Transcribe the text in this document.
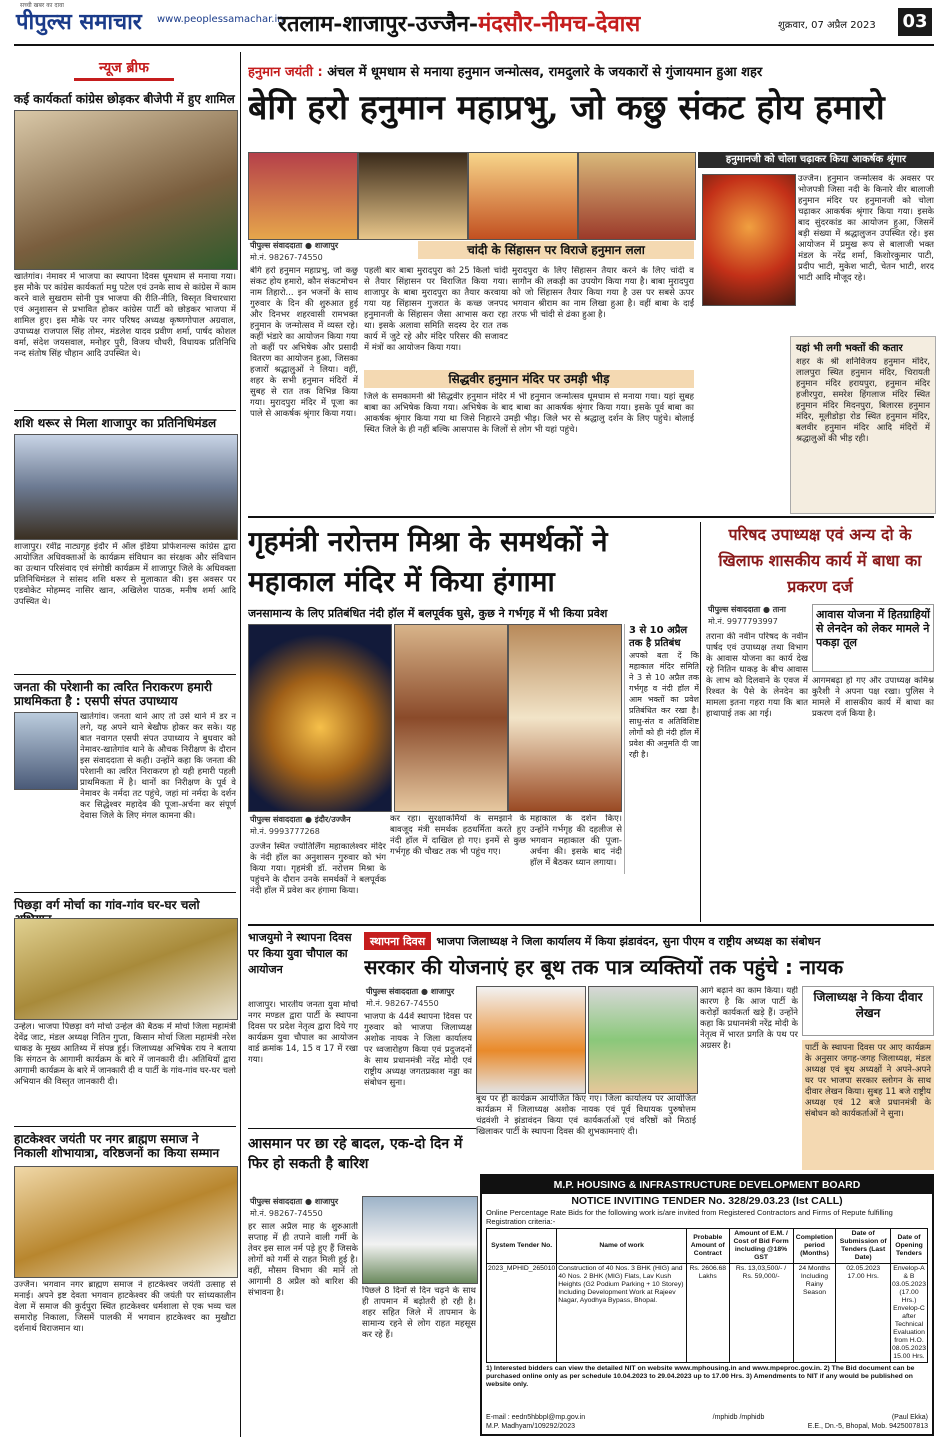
पीपुल्स समाचार
सच्ची खबर का दावा
www.peoplessamachar.in
रतलाम-शाजापुर-उज्जैन-मंदसौर-नीमच-देवास	शुक्रवार, 07 अप्रैल 2023 03
न्यूज ब्रीफ
कई कार्यकर्ता कांग्रेस छोड़कर बीजेपी में हुए शामिल
खातेगांव। नेमावर में भाजपा का स्थापना दिवस धूमधाम से मनाया गया। इस मौके पर कांग्रेस कार्यकर्ता मधु पटेल एवं उनके साथ से कांग्रेस में काम करने वाले सुखराम सोनी पुत्र भाजपा की रीति-नीति, विस्तृत विचारधारा एवं अनुशासन से प्रभावित होकर कांग्रेस पार्टी को छोड़कर भाजपा में शामिल हुए। इस मौके पर नगर परिषद अध्यक्ष कृष्णगोपाल अग्रवाल, उपाध्यक्ष राजपाल सिंह तोमर, मंडलेश यादव प्रवीण शर्मा, पार्षद कोशल वर्मा, संदेश जयसवाल, मनोहर पुरी, विजय चौधरी, विधायक प्रतिनिधि नन्द संतोष सिंह चौहान आदि उपस्थित थे।
शशि थरूर से मिला शाजापुर का प्रतिनिधिमंडल
शाजापुर। रवींद्र नाट्यगृह इंदौर में ऑल इंडिया प्रोफेशनल्स कांग्रेस द्वारा आयोजित अधिवक्ताओं के कार्यक्रम संविधान का संरक्षक और संविधान का उत्थान परिसंवाद एवं संगोष्ठी कार्यक्रम में शाजापुर जिले के अधिवक्ता प्रतिनिधिमंडल ने सांसद शशि थरूर से मुलाकात की। इस अवसर पर एडवोकेट मोहम्मद नासिर खान, अखिलेश पाठक, मनीष शर्मा आदि उपस्थित थे।
जनता की परेशानी का त्वरित निराकरण हमारी प्राथमिकता है : एसपी संपत उपाध्याय
खातेगांव। जनता थाने आए तो उसे थाने में डर न लगे, यह अपने थाने बेखौफ होकर कर सके। यह बात नवागत एसपी संपत उपाध्याय ने बुधवार को नेमावर-खातेगांव थाने के औचक निरीक्षण के दौरान इस संवाददाता से कही। उन्होंने कहा कि जनता की परेशानी का त्वरित निराकरण हो यही हमारी पहली प्राथमिकता में है। थानों का निरीक्षण के पूर्व वे नेमावर के नर्मदा तट पहुंचे, जहां मां नर्मदा के दर्शन कर सिद्धेश्वर महादेव की पूजा-अर्चना कर संपूर्ण देवास जिले के लिए मंगल कामना की।
पिछड़ा वर्ग मोर्चा का गांव-गांव घर-घर चलो
उन्हेल। भाजपा पिछड़ा वर्ग मोर्चा उन्हेल की बैठक में मोर्चा जिला महामंत्री देवेंद्र जाट, मंडल अध्यक्ष नितिन गुप्ता, किसान मोर्चा जिला महामंत्री नरेश धाकड़ के मुख्य आतिथ्य में संपन्न हुई। जिलाध्यक्ष अभिषेक राय ने बताया कि संगठन के आगामी कार्यक्रम के बारे में जानकारी दी। अतिथियों द्वारा आगामी कार्यक्रम के बारे में जानकारी दी व पार्टी के गांव-गांव घर-घर चलो अभियान की विस्तृत जानकारी दी।
हाटकेश्वर जयंती पर नगर ब्राह्मण समाज ने निकाली शोभायात्रा, वरिष्ठजनों का किया सम्मान
उज्जैन। भगवान नगर ब्राह्मण समाज ने हाटकेश्वर जयंती उत्साह से मनाई। अपने इष्ट देवता भगवान हाटकेश्वर की जयंती पर सांध्यकालीन वेला में समाज की कुर्दपुरा स्थित हाटकेश्वर धर्मशाला से एक भव्य चल समारोह निकाला, जिसमें पालकी में भगवान हाटकेश्वर का मुखौटा दर्शनार्थ विराजमान था।
हनुमान जयंती : अंचल में धूमधाम से मनाया हनुमान जन्मोत्सव, रामदुलारे के जयकारों से गुंजायमान हुआ शहर
बेगि हरो हनुमान महाप्रभु, जो कछु संकट होय हमारो
पीपुल्स संवाददाता ● शाजापुर
मो.नं. 98267-74550
चांदी के सिंहासन पर विराजे हनुमान लला
बेगि हरो हनुमान महाप्रभु, जो कछु संकट होय हमारो, कौन संकटमोचन नाम तिहारो... इन भजनों के साथ गुरुवार के दिन की शुरुआत हुई और दिनभर शहरवासी रामभक्त हनुमान के जन्मोत्सव में व्यस्त रहे। कहीं भंडारे का आयोजन किया गया तो कहीं पर अभिषेक और प्रसादी वितरण का आयोजन हुआ, जिसका हजारों श्रद्धालुओं ने लिया। वहीं, शहर के सभी हनुमान मंदिरों में सुबह से रात तक विभिन्न किया गया। मुरादपुरा मंदिर में पूजा का पाले से आकर्षक श्रृंगार किया गया।
पहली बार बाबा मुरादपुरा को 25 किलो चांदी से तैयार सिंहासन पर विराजित किया गया। शाजापुर के बाबा मुरादपुरा का तैयार करवाया गया यह सिंहासन गुजरात के कच्छ जनपद हनुमानजी के सिंहासन जैसा आभास करा रहा था। इसके अलावा समिति सदस्य देर रात तक कार्य में जुटे रहे और मंदिर परिसर की सजावट में मंत्रों का आयोजन किया गया।
मुरादपुरा के लिए सिंहासन तैयार करने के लिए चांदी व सागौन की लकड़ी का उपयोग किया गया है। बाबा मुरादपुरा को जो सिंहासन तैयार किया गया है उस पर सबसे ऊपर भगवान श्रीराम का नाम लिखा हुआ है। वहीं बाबा के दाईं तरफ भी चांदी से ढंका हुआ है।
सिद्धवीर हनुमान मंदिर पर उमड़ी भीड़
जिले के समकामनी श्री सिद्धवीर हनुमान मंदिर में भी हनुमान जन्मोत्सव धूमधाम से मनाया गया। यहां सुबह बाबा का अभिषेक किया गया। अभिषेक के बाद बाबा का आकर्षक श्रृंगार किया गया। इसके पूर्व बाबा का आकर्षक श्रृंगार किया गया था जिसे निहारने उमड़ी भीड़। जिले भर से श्रद्धालु दर्शन के लिए पहुंचे। बोलाई स्थित जिले के ही नहीं बल्कि आसपास के जिलों से लोग भी यहां पहुंचे।
हनुमानजी को चोला चढ़ाकर किया आकर्षक श्रृंगार
उज्जैन। हनुमान जन्मोत्सव के अवसर पर भोजपत्री जिसा नदी के किनारे वीर बालाजी हनुमान मंदिर पर हनुमानजी को चोला चढ़ाकर आकर्षक श्रृंगार किया गया। इसके बाद सुंदरकांड का आयोजन हुआ, जिसमें बड़ी संख्या में श्रद्धालुजन उपस्थित रहे। इस आयोजन में प्रमुख रूप से बालाजी भक्त मंडल के नरेंद्र शर्मा, किशोरकुमार पाटी, प्रदीप भाटी, मुकेश भाटी, चेतन भाटी, शरद भाटी आदि मौजूद रहे।
यहां भी लगी भक्तों की कतार
शहर के श्री शनिविजय हनुमान मंदिर, लालपुरा स्थित हनुमान मंदिर, चिरायती हनुमान मंदिर हरायपुरा, हनुमान मंदिर हजीरपुरा, समरेश हिंगलाज मंदिर स्थित हनुमान मंदिर मिदनपुरा, बिलारस हनुमान मंदिर, मूलीडोड़ा रोड स्थित हनुमान मंदिर, बलवीर हनुमान मंदिर आदि मंदिरों में श्रद्धालुओं की भीड़ रही।
गृहमंत्री नरोत्तम मिश्रा के समर्थकों ने महाकाल मंदिर में किया हंगामा
जनसामान्य के लिए प्रतिबंधित नंदी हॉल में बलपूर्वक घुसे, कुछ ने गर्भगृह में भी किया प्रवेश
3 से 10 अप्रैल तक है प्रतिबंध
अपको बता दें कि महाकाल मंदिर समिति ने 3 से 10 अप्रैल तक गर्भगृह व नंदी हॉल में आम भक्तों का प्रवेश प्रतिबंधित कर रखा है। साधु-संत व अतिविशिष्ट लोगों को ही नंदी हॉल में प्रवेश की अनुमति दी जा रही है।
पीपुल्स संवाददाता ● इंदौर/उज्जैन
मो.नं. 9993777268
उज्जैन स्थित ज्योतिर्लिंग महाकालेश्वर मंदिर के नंदी हॉल का अनुशासन गुरुवार को भंग किया गया। गृहमंत्री डॉ. नरोत्तम मिश्रा के पहुंचने के दौरान उनके समर्थकों ने बलपूर्वक नंदी हॉल में प्रवेश कर हंगामा किया।
कर रहा। सुरक्षाकर्मियों के समझाने के बावजूद मंत्री समर्थक हठधर्मिता करते हुए नंदी हॉल में दाखिल हो गए। इनमें से कुछ गर्भगृह की चौखट तक भी पहुंच गए।
महाकाल के दर्शन किए। उन्होंने गर्भगृह की दहलीज से भगवान महाकाल की पूजा-अर्चना की। इसके बाद नंदी हॉल में बैठकर ध्यान लगाया।
परिषद उपाध्यक्ष एवं अन्य दो के खिलाफ शासकीय कार्य में बाधा का प्रकरण दर्ज
पीपुल्स संवाददाता ● ताना
मो.नं. 9977793997
आवास योजना में हितग्राहियों से लेनदेन को लेकर मामले ने पकड़ा तूल
तराना की नवीन परिषद के नवीन पार्षद एवं उपाध्यक्ष तथा विभाग के आवास योजना का कार्य देख रहे नितिन धाकड़ के बीच आवास के लाभ को दिलवाने के एवज में रिश्वत के पैसे के लेनदेन का मामला इतना गहरा गया कि बात हाथापाई तक आ गई।
आगमबढ़ा हो गए और उपाध्यक्ष कमिश्न कुरैशी ने अपना पक्ष रखा। पुलिस ने मामले में शासकीय कार्य में बाधा का प्रकरण दर्ज किया है।
भाजयुमो ने स्थापना दिवस पर किया युवा चौपाल का आयोजन
शाजापुर। भारतीय जनता युवा मोर्चा नगर मण्डल द्वारा पार्टी के स्थापना दिवस पर प्रदेश नेतृत्व द्वारा दिये गए कार्यक्रम युवा चौपाल का आयोजन वार्ड क्रमांक 14, 15 व 17 में रखा गया।
स्थापना दिवस भाजपा जिलाध्यक्ष ने जिला कार्यालय में किया झंडावंदन, सुना पीएम व राष्ट्रीय अध्यक्ष का संबोधन
सरकार की योजनाएं हर बूथ तक पात्र व्यक्तियों तक पहुंचे : नायक
पीपुल्स संवाददाता ● शाजापुर
मो.नं. 98267-74550
भाजपा के 44वें स्थापना दिवस पर गुरुवार को भाजपा जिलाध्यक्ष अशोक नायक ने जिला कार्यालय पर ध्वजारोहण किया एवं प्रदुजदनों के साथ प्रधानमंत्री नरेंद्र मोदी एवं राष्ट्रीय अध्यक्ष जगतप्रकाश नड्डा का संबोधन सुना।
बूथ पर ही कार्यक्रम आयोजित किए गए। जिला कार्यालय पर आयोजित कार्यक्रम में जिलाध्यक्ष अशोक नायक एवं पूर्व विधायक पुरुषोत्तम चंद्रवंशी ने झंडावंदन किया एवं कार्यकर्ताओं एवं वरिष्ठों को मिठाई खिलाकर पार्टी के स्थापना दिवस की शुभकामनाएं दी।
आगे बढ़ाने का काम किया। यही कारण है कि आज पार्टी के करोड़ों कार्यकर्ता खड़े हैं। उन्होंने कहा कि प्रधानमंत्री नरेंद्र मोदी के नेतृत्व में भारत प्रगति के पथ पर अग्रसर है।
जिलाध्यक्ष ने किया दीवार लेखन
पार्टी के स्थापना दिवस पर आए कार्यक्रम के अनुसार जगह-जगह जिलाध्यक्ष, मंडल अध्यक्ष एवं बूथ अध्यक्षों ने अपने-अपने घर पर भाजपा सरकार स्लोगन के साथ दीवार लेखन किया। सुबह 11 बजे राष्ट्रीय अध्यक्ष एवं 12 बजे प्रधानमंत्री के संबोधन को कार्यकर्ताओं ने सुना।
आसमान पर छा रहे बादल, एक-दो दिन में फिर हो सकती है बारिश
पीपुल्स संवाददाता ● शाजापुर
मो.नं. 98267-74550
हर साल अप्रैल माह के शुरुआती सप्ताह में ही तपाने वाली गर्मी के तेवर इस साल नर्म पड़े हुए हैं जिसके लोगों को गर्मी से राहत मिली हुई है। वहीं, मौसम विभाग की मानें तो आगामी 8 अप्रैल को बारिश की संभावना है।	पिछले 8 दिनों से दिन चढ़ने के साथ ही तापमान में बढ़ोतरी हो रही है। शहर सहित जिले में तापमान के सामान्य रहने से लोग राहत महसूस कर रहे हैं।
M.P. HOUSING & INFRASTRUCTURE DEVELOPMENT BOARD
NOTICE INVITING TENDER No. 328/29.03.23 (Ist CALL)
Online Percentage Rate Bids for the following work is/are invited from Registered Contractors and Firms of Repute fulfilling Registration criteria:-
System Tender No.	Name of work	Probable Amount of Contract	Amount of E.M. / Cost of Bid Form including @18% GST	Completion period (Months)	Date of Submission of Tenders (Last Date)	Date of Opening Tenders
2023_MPHID_265010	Construction of 40 Nos. 3 BHK (HIG) and 40 Nos. 2 BHK (MIG) Flats, Lav Kush Heights (G2 Podium Parking + 10 Storey) Including Development Work at Rajeev Nagar, Ayodhya Bypass, Bhopal.	Rs. 2606.68 Lakhs	Rs. 13,03,500/- / Rs. 59,000/-	24 Months Including Rainy Season	02.05.2023 17.00 Hrs.	Envelop-A & B 03.05.2023 (17.00 Hrs.) Envelop-C after Technical Evaluation from H.O. 08.05.2023 15.00 Hrs.
1) Interested bidders can view the detailed NIT on website www.mphousing.in and www.mpeproc.gov.in. 2) The Bid document can be purchased online only as per schedule 10.04.2023 to 29.04.2023 up to 17.00 Hrs. 3) Amendments to NIT if any would be published on website only.
E-mail : eedn5hbbpl@mp.gov.in	/mphidb /mphidb	(Paul Ekka)
M.P. Madhyam/109292/2023	E.E., Dn.-5, Bhopal, Mob. 9425007813
